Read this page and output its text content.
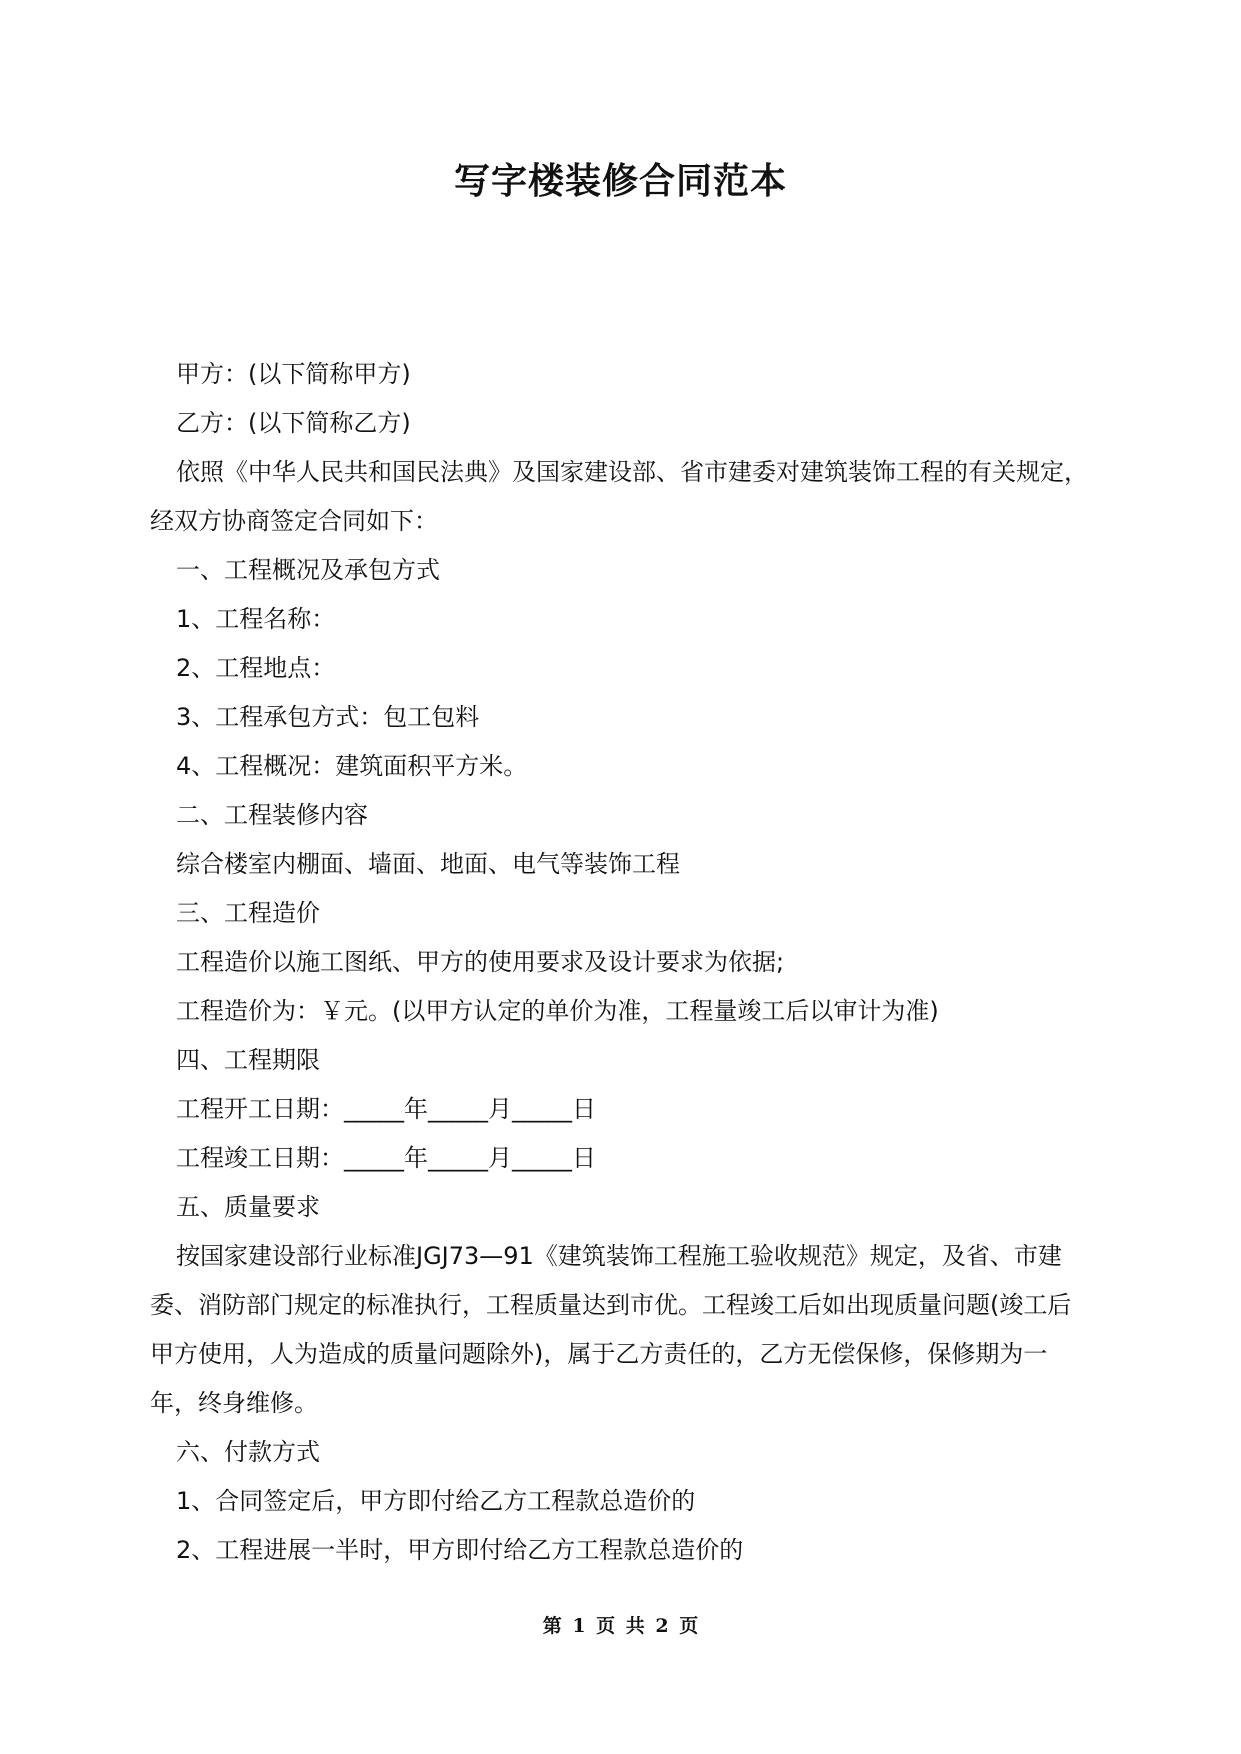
写字楼装修合同范本

甲方：(以下简称甲方)

乙方：(以下简称乙方)

依照《中华人民共和国民法典》及国家建设部、省市建委对建筑装饰工程的有关规定，经双方协商签定合同如下：

一、工程概况及承包方式

1、工程名称：

2、工程地点：

3、工程承包方式：包工包料

4、工程概况：建筑面积平方米。

二、工程装修内容

综合楼室内棚面、墙面、地面、电气等装饰工程

三、工程造价

工程造价以施工图纸、甲方的使用要求及设计要求为依据;

工程造价为：￥元。(以甲方认定的单价为准，工程量竣工后以审计为准)

四、工程期限

工程开工日期：_____年_____月_____日

工程竣工日期：_____年_____月_____日

五、质量要求

按国家建设部行业标准JGJ73—91《建筑装饰工程施工验收规范》规定，及省、市建委、消防部门规定的标准执行，工程质量达到市优。工程竣工后如出现质量问题(竣工后甲方使用，人为造成的质量问题除外)，属于乙方责任的，乙方无偿保修，保修期为一年，终身维修。

六、付款方式

1、合同签定后，甲方即付给乙方工程款总造价的

2、工程进展一半时，甲方即付给乙方工程款总造价的

第 1 页 共 2 页
